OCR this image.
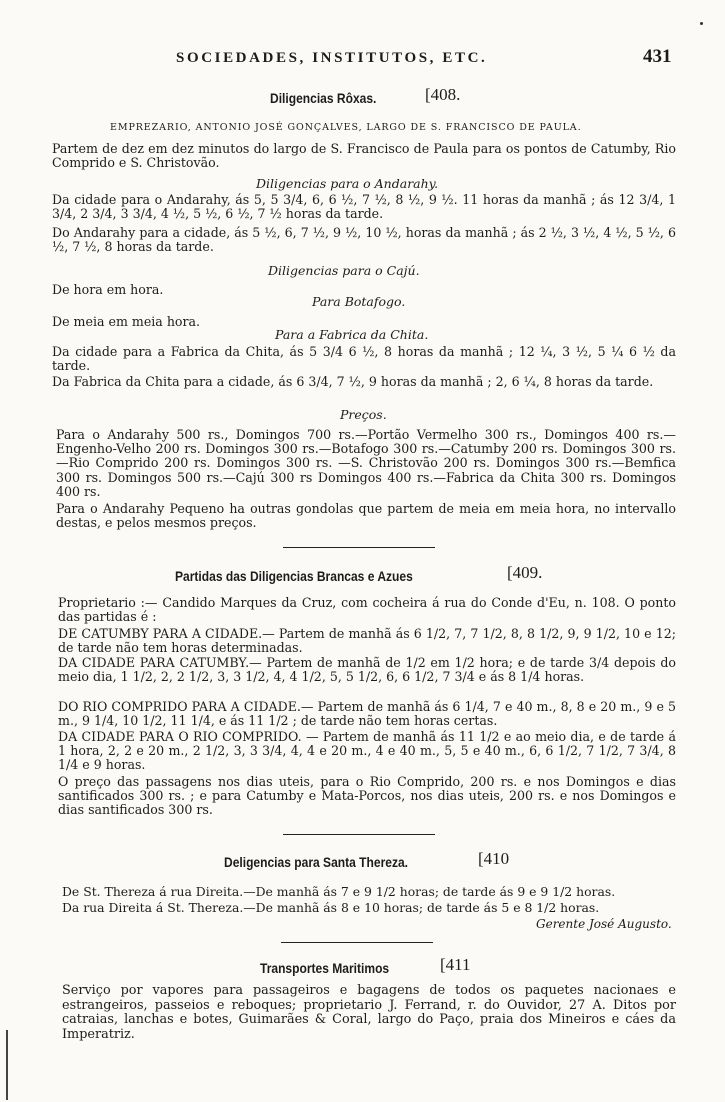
SOCIEDADES, INSTITUTOS, ETC.	431
Diligencias Rôxas.	[408.
EMPREZARIO, ANTONIO JOSÉ GONÇALVES, LARGO DE S. FRANCISCO DE PAULA.

Partem de dez em dez minutos do largo de S. Francisco de Paula para os pontos de Catumby, Rio Comprido e S. Christovão.

Diligencias para o Andarahy.

Da cidade para o Andarahy, ás 5, 5 3/4, 6, 6 ½, 7 ½, 8 ½, 9 ½. 11 horas da manhã ; ás 12 3/4, 1 3/4, 2 3/4, 3 3/4, 4 ½, 5 ½, 6 ½, 7 ½ horas da tarde.

Do Andarahy para a cidade, ás 5 ½, 6, 7 ½, 9 ½, 10 ½, horas da manhã ; ás 2 ½, 3 ½, 4 ½, 5 ½, 6 ½, 7 ½, 8 horas da tarde.

Diligencias para o Cajú.
De hora em hora.
Para Botafogo.
De meia em meia hora.
Para a Fabrica da Chita.

Da cidade para a Fabrica da Chita, ás 5 3/4 6 ½, 8 horas da manhã ; 12 ¼, 3 ½, 5 ¼ 6 ½ da tarde.

Da Fabrica da Chita para a cidade, ás 6 3/4, 7 ½, 9 horas da manhã ; 2, 6 ¼, 8 horas da tarde.

Preços.

Para o Andarahy 500 rs., Domingos 700 rs.—Portão Vermelho 300 rs., Domingos 400 rs.—Engenho-Velho 200 rs. Domingos 300 rs.—Botafogo 300 rs.—Catumby 200 rs. Domingos 300 rs.—Rio Comprido 200 rs. Domingos 300 rs. —S. Christovão 200 rs. Domingos 300 rs.—Bemfica 300 rs. Domingos 500 rs.—Cajú 300 rs Domingos 400 rs.—Fabrica da Chita 300 rs. Domingos 400 rs.

Para o Andarahy Pequeno ha outras gondolas que partem de meia em meia hora, no intervallo destas, e pelos mesmos preços.

Partidas das Diligencias Brancas e Azues	[409.

Proprietario :— Candido Marques da Cruz, com cocheira á rua do Conde d'Eu, n. 108. O ponto das partidas é :

DE CATUMBY PARA A CIDADE.— Partem de manhã ás 6 1/2, 7, 7 1/2, 8, 8 1/2, 9, 9 1/2, 10 e 12; de tarde não tem horas determinadas.

DA CIDADE PARA CATUMBY.— Partem de manhã de 1/2 em 1/2 hora; e de tarde 3/4 depois do meio dia, 1 1/2, 2, 2 1/2, 3, 3 1/2, 4, 4 1/2, 5, 5 1/2, 6, 6 1/2, 7 3/4 e ás 8 1/4 horas.

DO RIO COMPRIDO PARA A CIDADE.— Partem de manhã ás 6 1/4, 7 e 40 m., 8, 8 e 20 m., 9 e 5 m., 9 1/4, 10 1/2, 11 1/4, e ás 11 1/2 ; de tarde não tem horas certas.

DA CIDADE PARA O RIO COMPRIDO. — Partem de manhã ás 11 1/2 e ao meio dia, e de tarde á 1 hora, 2, 2 e 20 m., 2 1/2, 3, 3 3/4, 4, 4 e 20 m., 4 e 40 m., 5, 5 e 40 m., 6, 6 1/2, 7 1/2, 7 3/4, 8 1/4 e 9 horas.

O preço das passagens nos dias uteis, para o Rio Comprido, 200 rs. e nos Domingos e dias santificados 300 rs. ; e para Catumby e Mata-Porcos, nos dias uteis, 200 rs. e nos Domingos e dias santificados 300 rs.

Deligencias para Santa Thereza.	[410
De St. Thereza á rua Direita.—De manhã ás 7 e 9 1/2 horas; de tarde ás 9 e 9 1/2 horas.
Da rua Direita á St. Thereza.—De manhã ás 8 e 10 horas; de tarde ás 5 e 8 1/2 horas.
Gerente José Augusto.
Transportes Maritimos	[411

Serviço por vapores para passageiros e bagagens de todos os paquetes nacionaes e estrangeiros, passeios e reboques; proprietario J. Ferrand, r. do Ouvidor, 27 A. Ditos por catraias, lanchas e botes, Guimarães & Coral, largo do Paço, praia dos Mineiros e cáes da Imperatriz.
